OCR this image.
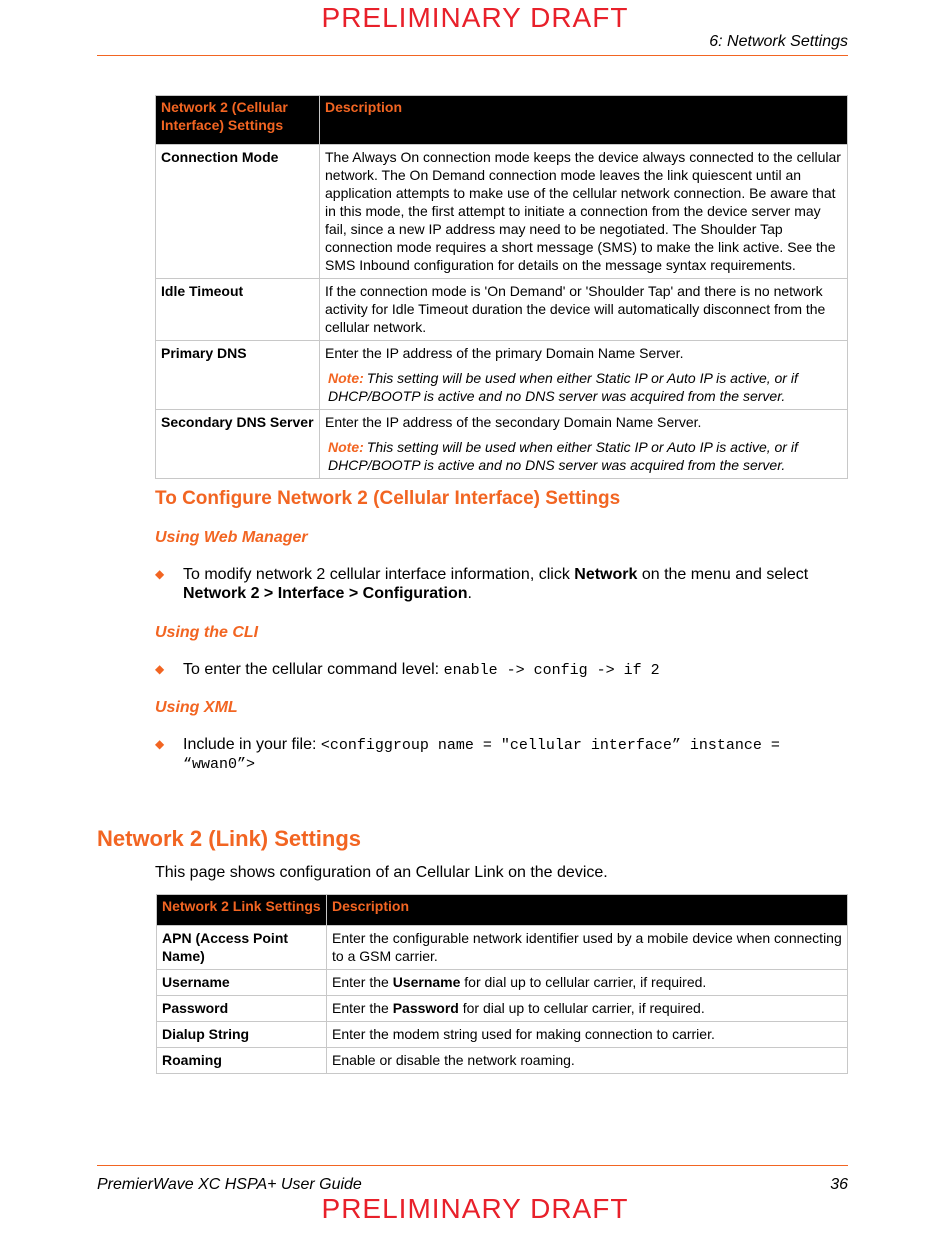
PRELIMINARY DRAFT
6: Network Settings
Network 2 (Cellular Interface) Settings	Description
Connection Mode	The Always On connection mode keeps the device always connected to the cellular network. The On Demand connection mode leaves the link quiescent until an application attempts to make use of the cellular network connection. Be aware that in this mode, the first attempt to initiate a connection from the device server may fail, since a new IP address may need to be negotiated. The Shoulder Tap connection mode requires a short message (SMS) to make the link active. See the SMS Inbound configuration for details on the message syntax requirements.
Idle Timeout	If the connection mode is 'On Demand' or 'Shoulder Tap' and there is no network activity for Idle Timeout duration the device will automatically disconnect from the cellular network.
Primary DNS	Enter the IP address of the primary Domain Name Server.
Note: This setting will be used when either Static IP or Auto IP is active, or if DHCP/BOOTP is active and no DNS server was acquired from the server.

Secondary DNS Server	Enter the IP address of the secondary Domain Name Server.
Note: This setting will be used when either Static IP or Auto IP is active, or if DHCP/BOOTP is active and no DNS server was acquired from the server.
To Configure Network 2 (Cellular Interface) Settings
Using Web Manager
◆ To modify network 2 cellular interface information, click Network on the menu and select
Network 2 > Interface > Configuration.
Using the CLI
◆ To enter the cellular command level: enable -> config -> if 2
Using XML
◆ Include in your file: <configgroup name = "cellular interface” instance =
“wwan0”>
Network 2 (Link) Settings
This page shows configuration of an Cellular Link on the device.
Network 2 Link Settings	Description
APN (Access Point Name)	Enter the configurable network identifier used by a mobile device when connecting to a GSM carrier.
Username	Enter the Username for dial up to cellular carrier, if required.
Password	Enter the Password for dial up to cellular carrier, if required.
Dialup String	Enter the modem string used for making connection to carrier.
Roaming	Enable or disable the network roaming.
PremierWave XC HSPA+ User Guide	36
PRELIMINARY DRAFT
